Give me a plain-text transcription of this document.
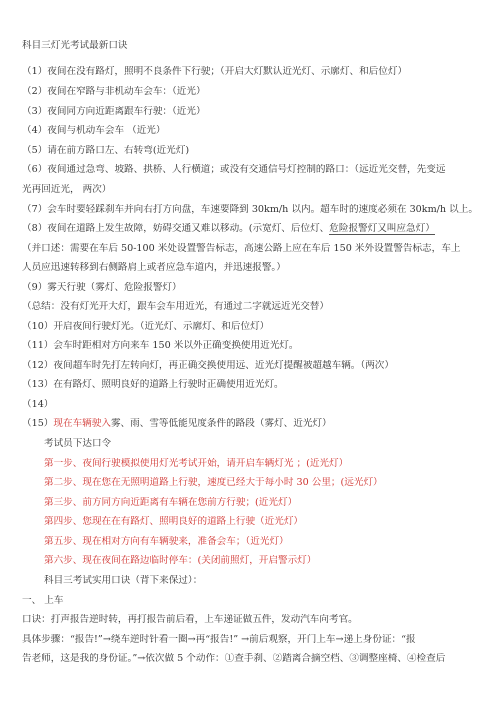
科目三灯光考试最新口诀
（1）夜间在没有路灯，照明不良条件下行驶；（开启大灯默认近光灯、示廓灯、和后位灯）
（2）夜间在窄路与非机动车会车：（近光）
（3）夜间同方向近距离跟车行驶：（近光）
（4）夜间与机动车会车 （近光）
（5）请在前方路口左、右转弯(近光灯)
（6）夜间通过急弯、坡路、拱桥、人行横道；或没有交通信号灯控制的路口：（远近光交替，先变远
光再回近光， 两次）
（7）会车时要轻踩刹车并向右打方向盘，车速要降到 30km/h 以内。超车时的速度必须在 30km/h 以上。
（8）夜间在道路上发生故障，妨碍交通又难以移动。(示宽灯、后位灯、危险报警灯又叫应急灯）
（并口述：需要在车后 50-100 米处设置警告标志，高速公路上应在车后 150 米外设置警告标志，车上
人员应迅速转移到右侧路肩上或者应急车道内，并迅速报警。）
（9）雾天行驶（雾灯、危险报警灯）
（总结：没有灯光开大灯，跟车会车用近光，有通过二字就远近光交替）
（10）开启夜间行驶灯光。（近光灯、示廓灯、和后位灯）
（11）会车时距相对方向来车 150 米以外正确变换使用近光灯。
（12）夜间超车时先打左转向灯，再正确交换使用远、近光灯提醒被超越车辆。（两次）
（13）在有路灯、照明良好的道路上行驶时正确使用近光灯。
（14）
（15）现在车辆驶入雾、雨、雪等低能见度条件的路段（雾灯、近光灯）
考试员下达口令
第一步、夜间行驶模拟使用灯光考试开始，请开启车辆灯光 ；(近光灯）
第二步、现在您在无照明道路上行驶，速度已经大于每小时 30 公里；(远光灯）
第三步、前方同方向近距离有车辆在您前方行驶；(近光灯）
第四步、您现在在有路灯、照明良好的道路上行驶（近光灯）
第五步、现在相对方向有车辆驶来，准备会车；（近光灯）
第六步、现在夜间在路边临时停车：(关闭前照灯，开启警示灯）
科目三考试实用口诀（背下来保过）：
一、 上车
口诀：打声报告逆时转，再打报告前后看，上车递证做五件，发动汽车向考官。
具体步骤：“报告!”→绕车逆时针看一圈→再“报告!” →前后观察，开门上车→递上身份证：“报
告老师，这是我的身份证。”→依次做 5 个动作：①查手刹、②踏离合摘空档、③调整座椅、④检查后
